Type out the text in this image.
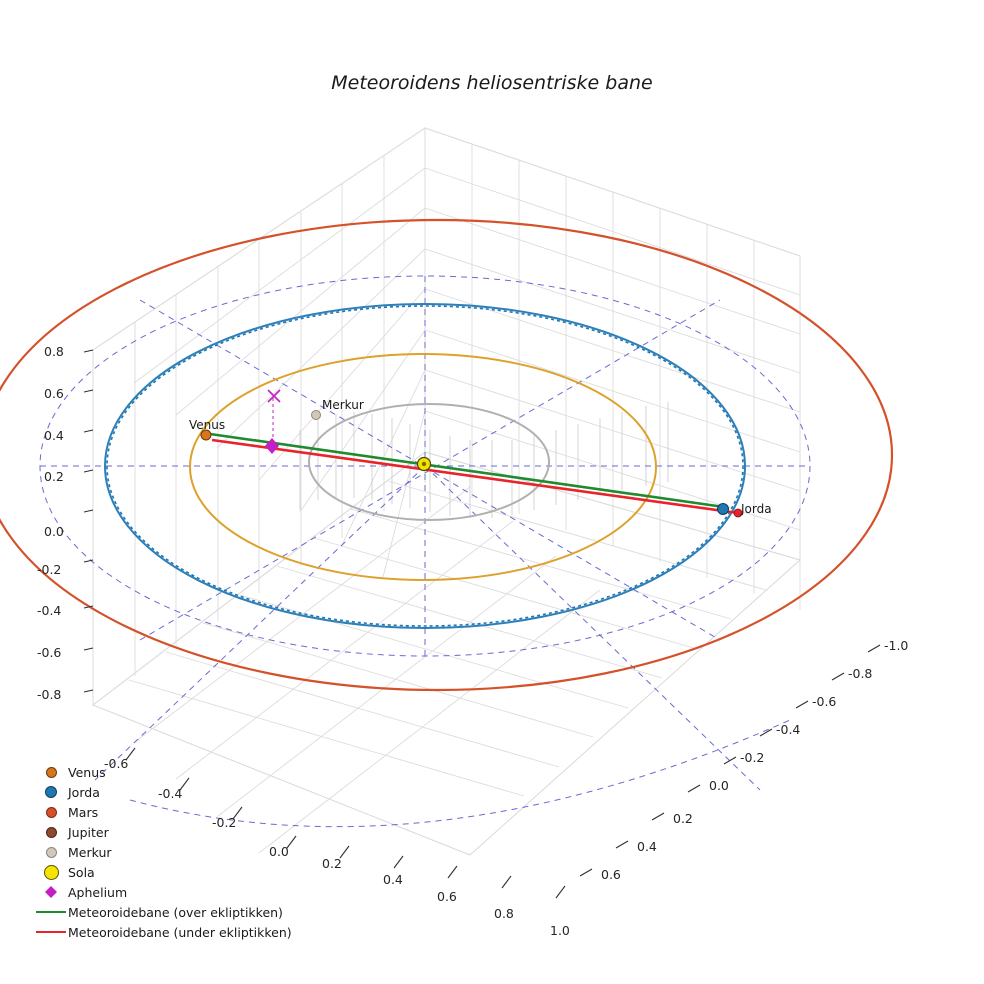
Meteoroidens heliosentriske bane
0.8
0.6
0.4
0.2
0.0
-0.2
-0.4
-0.6
-0.8
-0.6
-0.4
-0.2
0.0
0.2
0.4
0.6
0.8
1.0
-1.0
-0.8
-0.6
-0.4
-0.2
0.0
0.2
0.4
0.6
Venus
Merkur
Jorda
Venus
Jorda
Mars
Jupiter
Merkur
Sola
Aphelium
Meteoroidebane (over ekliptikken)
Meteoroidebane (under ekliptikken)
